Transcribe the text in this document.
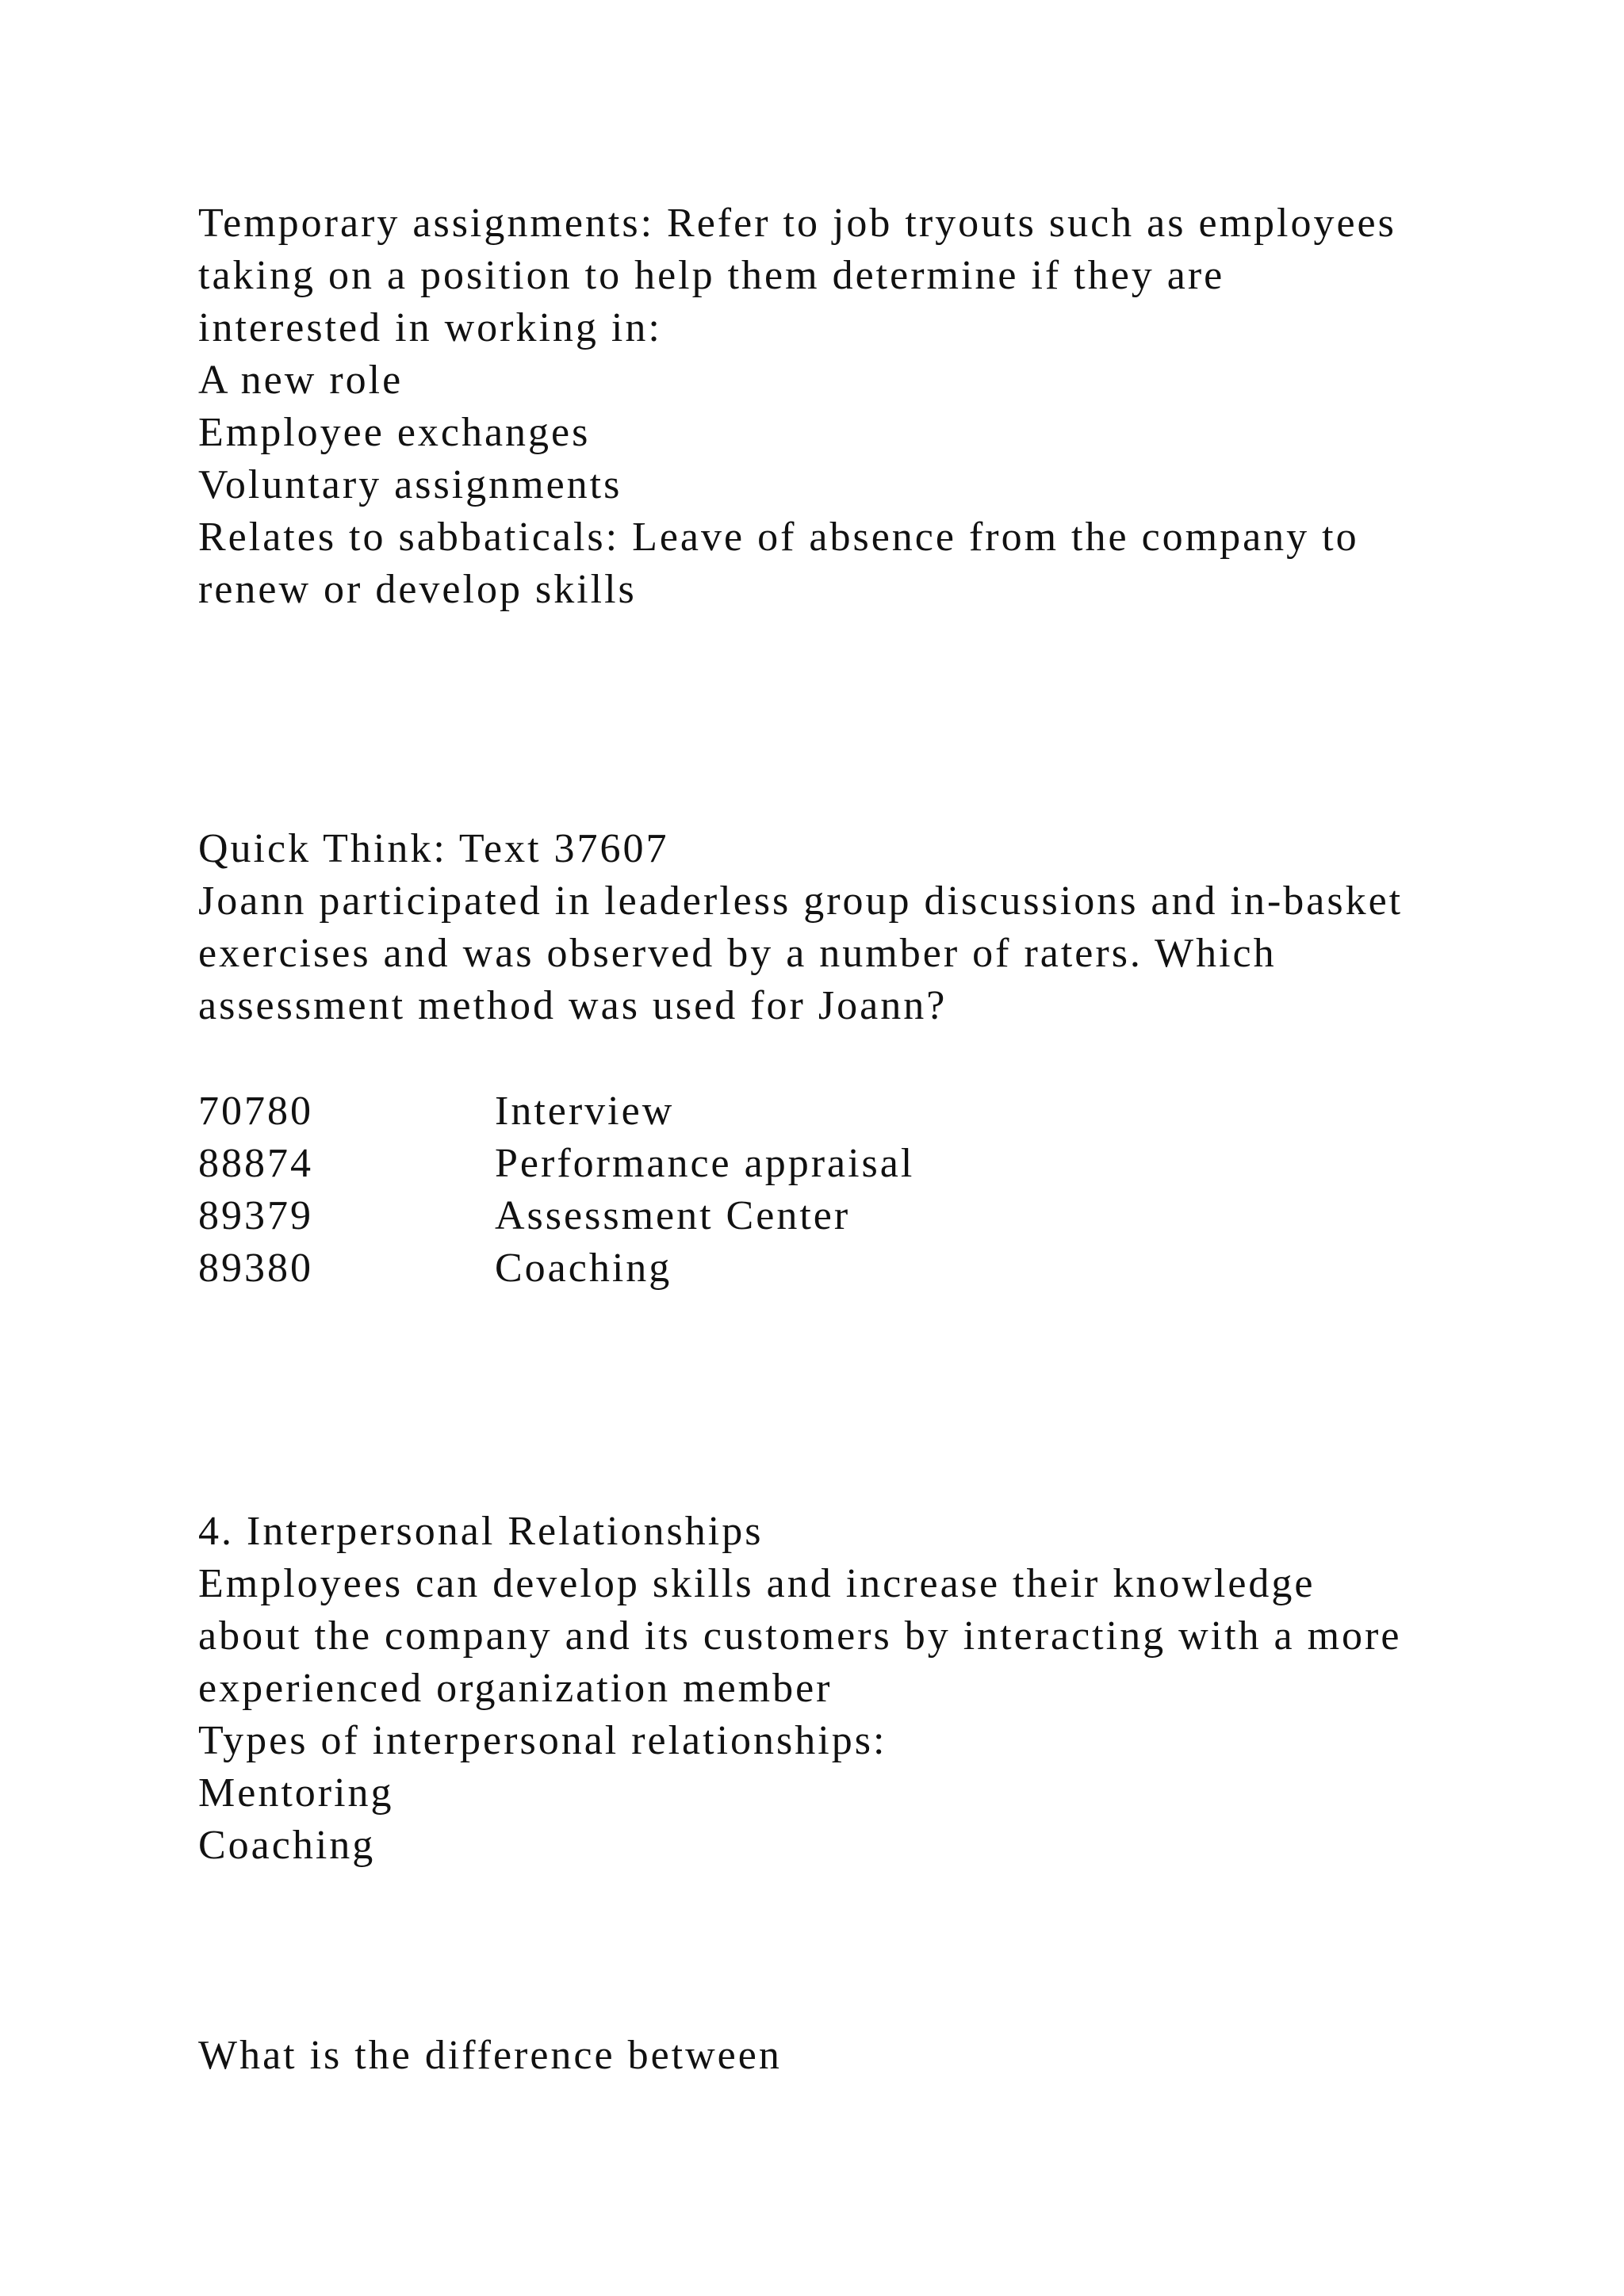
Temporary assignments: Refer to job tryouts such as employees
taking on a position to help them determine if they are
interested in working in:
A new role
Employee exchanges
Voluntary assignments
Relates to sabbaticals: Leave of absence from the company to
renew or develop skills
Quick Think: Text 37607
Joann participated in leaderless group discussions and in-basket
exercises and was observed by a number of raters. Which
assessment method was used for Joann?
70780	Interview
88874	Performance appraisal
89379	Assessment Center
89380	Coaching
4. Interpersonal Relationships
Employees can develop skills and increase their knowledge
about the company and its customers by interacting with a more
experienced organization member
Types of interpersonal relationships:
Mentoring
Coaching
What is the difference between
